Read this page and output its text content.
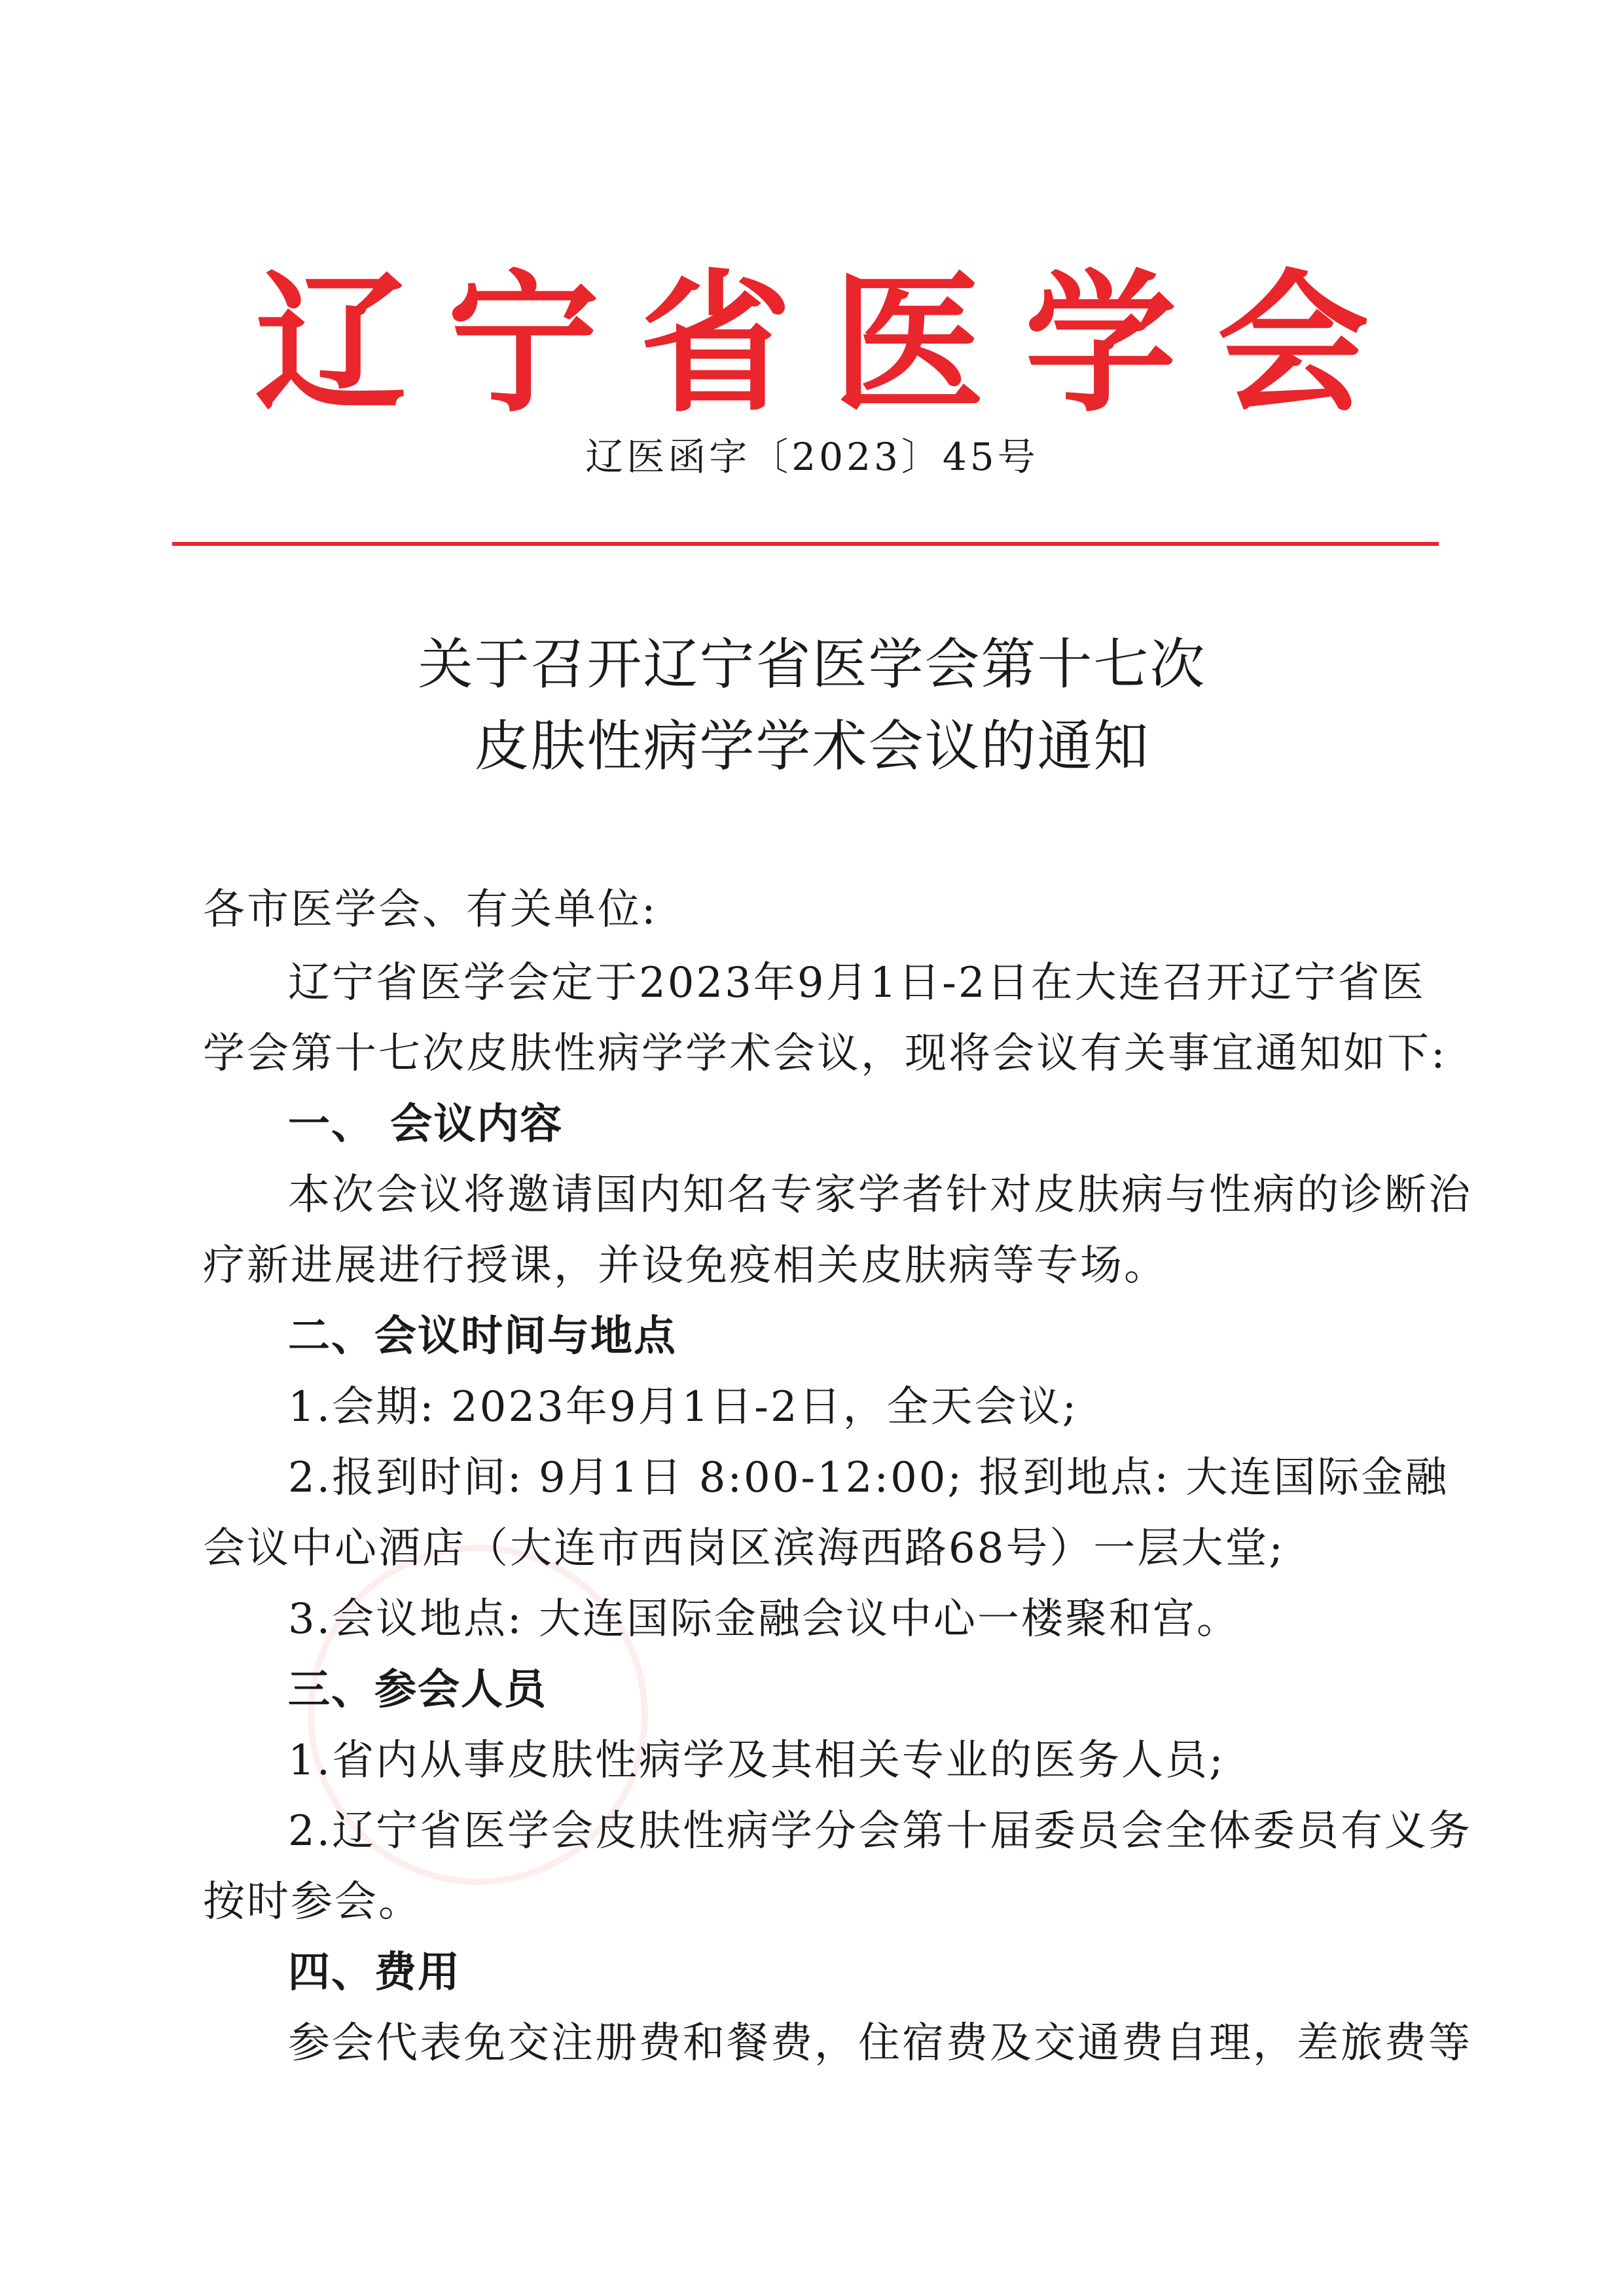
辽宁省医学会
辽医函字〔2023〕45号
关于召开辽宁省医学会第十七次
皮肤性病学学术会议的通知
各市医学会、有关单位:
辽宁省医学会定于2023年9月1日-2日在大连召开辽宁省医
学会第十七次皮肤性病学学术会议，现将会议有关事宜通知如下:
一、 会议内容
本次会议将邀请国内知名专家学者针对皮肤病与性病的诊断治
疗新进展进行授课，并设免疫相关皮肤病等专场。
二、会议时间与地点
1.会期: 2023年9月1日-2日，全天会议;
2.报到时间: 9月1日 8:00-12:00; 报到地点: 大连国际金融
会议中心酒店（大连市西岗区滨海西路68号）一层大堂;
3.会议地点: 大连国际金融会议中心一楼聚和宫。
三、参会人员
1.省内从事皮肤性病学及其相关专业的医务人员;
2.辽宁省医学会皮肤性病学分会第十届委员会全体委员有义务
按时参会。
四、费用
参会代表免交注册费和餐费，住宿费及交通费自理，差旅费等
